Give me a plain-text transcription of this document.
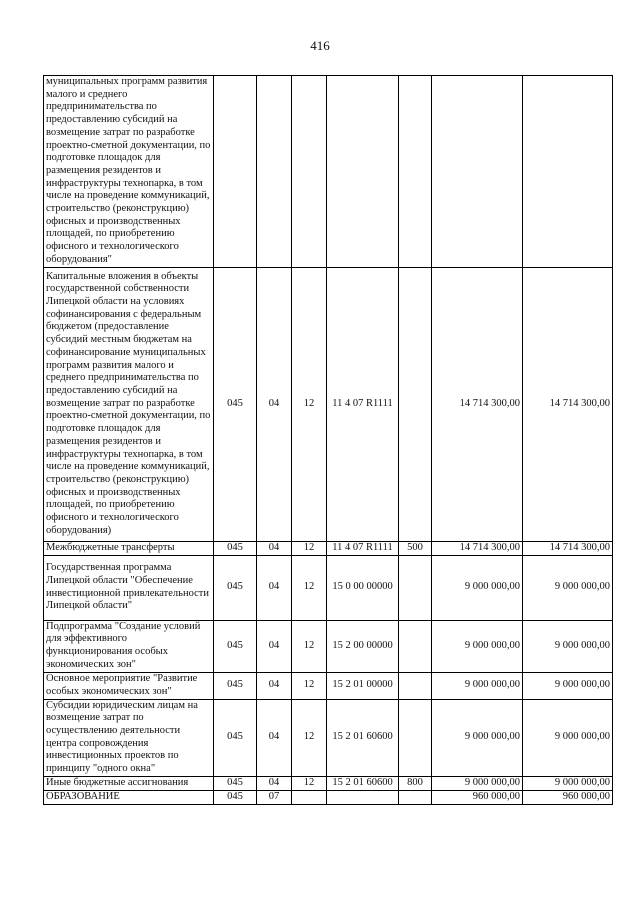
416
муниципальных программ развития малого и среднего предпринимательства по предоставлению субсидий на возмещение затрат по разработке проектно-сметной документации, по подготовке площадок для размещения резидентов и инфраструктуры технопарка, в том числе на проведение коммуникаций, строительство (реконструкцию) офисных и производственных площадей, по приобретению офисного и технологического оборудования"							
Капитальные вложения в объекты государственной собственности Липецкой области на условиях софинансирования с федеральным бюджетом (предоставление субсидий местным бюджетам на софинансирование муниципальных программ развития малого и среднего предпринимательства по предоставлению субсидий на возмещение затрат по разработке проектно-сметной документации, по подготовке площадок для размещения резидентов и инфраструктуры технопарка, в том числе на проведение коммуникаций, строительство (реконструкцию) офисных и производственных площадей, по приобретению офисного и технологического оборудования)	045	04	12	11 4 07 R1111		14 714 300,00	14 714 300,00
Межбюджетные трансферты	045	04	12	11 4 07 R1111	500	14 714 300,00	14 714 300,00
Государственная программа Липецкой области "Обеспечение инвестиционной привлекательности Липецкой области"	045	04	12	15 0 00 00000		9 000 000,00	9 000 000,00
Подпрограмма "Создание условий для эффективного функционирования особых экономических зон"	045	04	12	15 2 00 00000		9 000 000,00	9 000 000,00
Основное мероприятие "Развитие особых экономических зон"	045	04	12	15 2 01 00000		9 000 000,00	9 000 000,00
Субсидии юридическим лицам на возмещение затрат по осуществлению деятельности центра сопровождения инвестиционных проектов по принципу "одного окна"	045	04	12	15 2 01 60600		9 000 000,00	9 000 000,00
Иные бюджетные ассигнования	045	04	12	15 2 01 60600	800	9 000 000,00	9 000 000,00
ОБРАЗОВАНИЕ	045	07				960 000,00	960 000,00
